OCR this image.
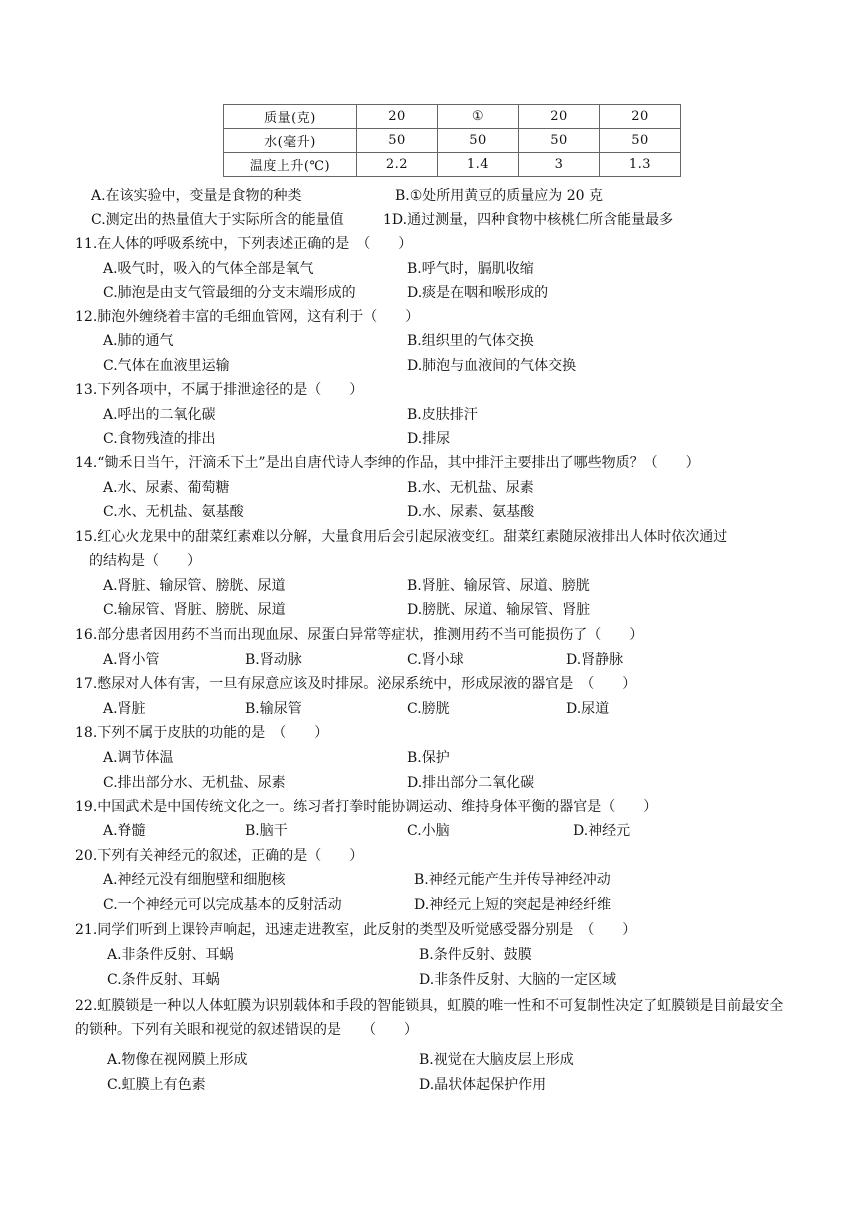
质量(克)	20	①	20	20
水(毫升)	50	50	50	50
温度上升(℃)	2.2	1.4	3	1.3
A.在该实验中，变量是食物的种类	B.①处所用黄豆的质量应为 20 克
C.测定出的热量值大于实际所含的能量值	1D.通过测量，四种食物中核桃仁所含能量最多
11.在人体的呼吸系统中，下列表述正确的是　（　　）
A.吸气时，吸入的气体全部是氧气	B.呼气时，膈肌收缩
C.肺泡是由支气管最细的分支末端形成的	D.痰是在咽和喉形成的
12.肺泡外缠绕着丰富的毛细血管网，这有利于（　　）
A.肺的通气	B.组织里的气体交换
C.气体在血液里运输	D.肺泡与血液间的气体交换
13.下列各项中，不属于排泄途径的是（　　）
A.呼出的二氧化碳	B.皮肤排汗
C.食物残渣的排出	D.排尿
14.“锄禾日当午，汗滴禾下土”是出自唐代诗人李绅的作品，其中排汗主要排出了哪些物质？（　　）
A.水、尿素、葡萄糖	B.水、无机盐、尿素
C.水、无机盐、氨基酸	D.水、尿素、氨基酸
15.红心火龙果中的甜菜红素难以分解，大量食用后会引起尿液变红。甜菜红素随尿液排出人体时依次通过
的结构是（　　）
A.肾脏、输尿管、膀胱、尿道	B.肾脏、输尿管、尿道、膀胱
C.输尿管、肾脏、膀胱、尿道	D.膀胱、尿道、输尿管、肾脏
16.部分患者因用药不当而出现血尿、尿蛋白异常等症状，推测用药不当可能损伤了（　　）
A.肾小管	B.肾动脉	C.肾小球	D.肾静脉
17.憋尿对人体有害，一旦有尿意应该及时排尿。泌尿系统中，形成尿液的器官是　（　　）
A.肾脏	B.输尿管	C.膀胱	D.尿道
18.下列不属于皮肤的功能的是　（　　）
A.调节体温	B.保护
C.排出部分水、无机盐、尿素	D.排出部分二氧化碳
19.中国武术是中国传统文化之一。练习者打拳时能协调运动、维持身体平衡的器官是（　　）
A.脊髓	B.脑干	C.小脑	D.神经元
20.下列有关神经元的叙述，正确的是（　　）
A.神经元没有细胞壁和细胞核	B.神经元能产生并传导神经冲动
C.一个神经元可以完成基本的反射活动	D.神经元上短的突起是神经纤维
21.同学们听到上课铃声响起，迅速走进教室，此反射的类型及听觉感受器分别是　（　　）
A.非条件反射、耳蜗	B.条件反射、鼓膜
C.条件反射、耳蜗	D.非条件反射、大脑的一定区域
22.虹膜锁是一种以人体虹膜为识别载体和手段的智能锁具，虹膜的唯一性和不可复制性决定了虹膜锁是目前最安全的锁种。下列有关眼和视觉的叙述错误的是　　（　　）
A.物像在视网膜上形成	B.视觉在大脑皮层上形成
C.虹膜上有色素	D.晶状体起保护作用
